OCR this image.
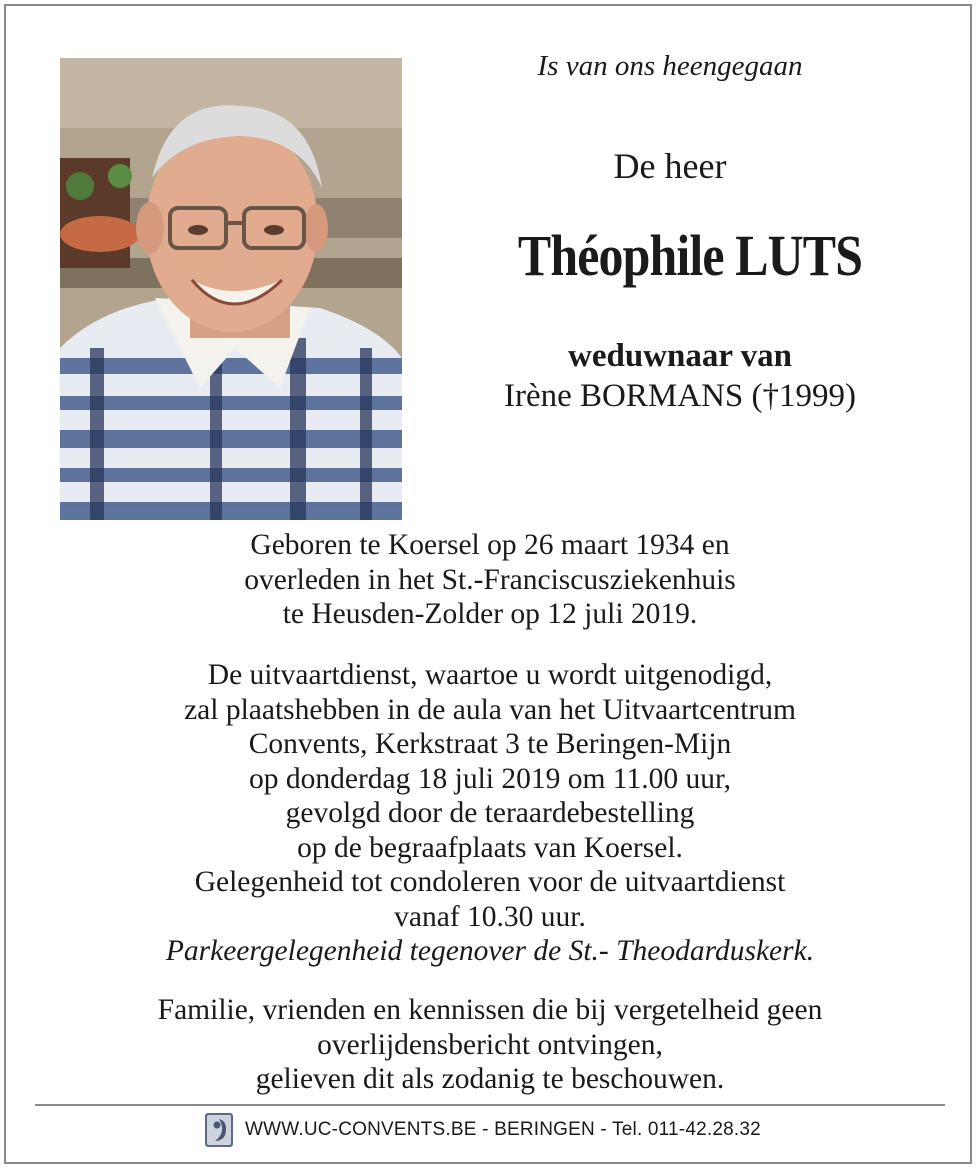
Is van ons heengegaan
De heer
Théophile LUTS
weduwnaar van
Irène BORMANS (†1999)
Geboren te Koersel op 26 maart 1934 en
overleden in het St.-Franciscusziekenhuis
te Heusden-Zolder op 12 juli 2019.
De uitvaartdienst, waartoe u wordt uitgenodigd,
zal plaatshebben in de aula van het Uitvaartcentrum
Convents, Kerkstraat 3 te Beringen-Mijn
op donderdag 18 juli 2019 om 11.00 uur,
gevolgd door de teraardebestelling
op de begraafplaats van Koersel.
Gelegenheid tot condoleren voor de uitvaartdienst
vanaf 10.30 uur.
Parkeergelegenheid tegenover de St.- Theodarduskerk.
Familie, vrienden en kennissen die bij vergetelheid geen
overlijdensbericht ontvingen,
gelieven dit als zodanig te beschouwen.
WWW.UC-CONVENTS.BE - BERINGEN - Tel. 011-42.28.32
